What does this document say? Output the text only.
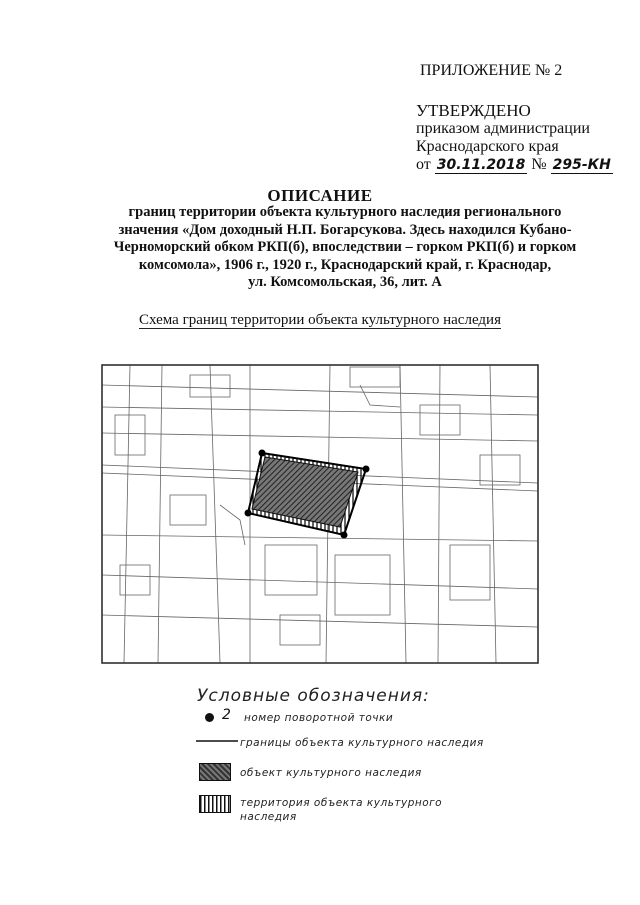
ПРИЛОЖЕНИЕ № 2
УТВЕРЖДЕНО
приказом администрации
Краснодарского края
от 30.11.2018 № 295-КН
ОПИСАНИЕ
границ территории объекта культурного наследия регионального
значения «Дом доходный Н.П. Богарсукова. Здесь находился Кубано-
Черноморский обком РКП(б), впоследствии – горком РКП(б) и горком
комсомола», 1906 г., 1920 г., Краснодарский край, г. Краснодар,
ул. Комсомольская, 36, лит. А
Схема границ территории объекта культурного наследия
Условные обозначения:
2 номер поворотной точки
границы объекта культурного наследия
объект культурного наследия
территория объекта культурного
наследия
